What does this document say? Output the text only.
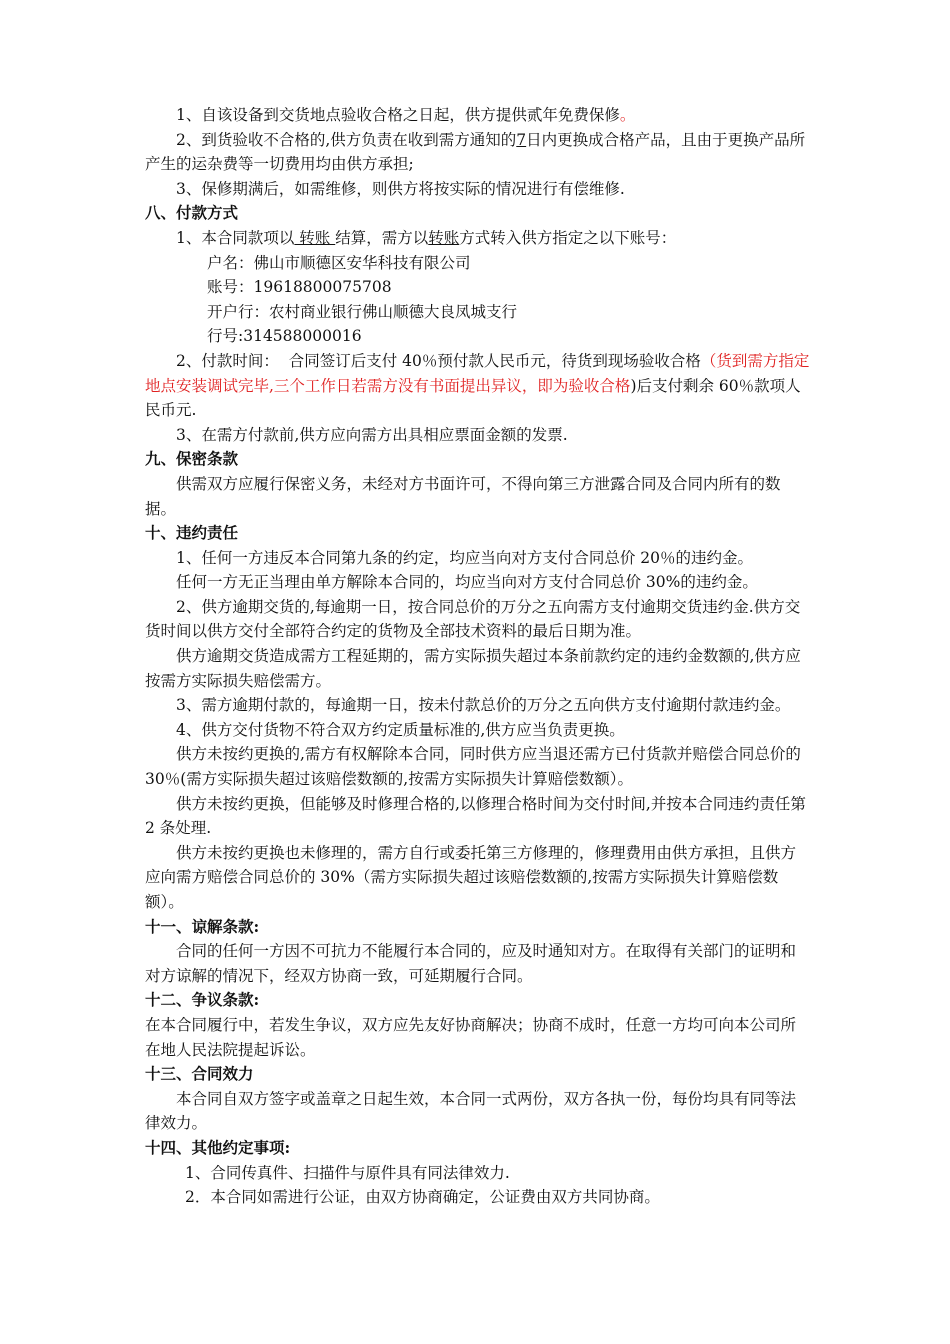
1、自该设备到交货地点验收合格之日起，供方提供贰年免费保修。

2、到货验收不合格的,供方负责在收到需方通知的7日内更换成合格产品，且由于更换产品所产生的运杂费等一切费用均由供方承担;

3、保修期满后，如需维修，则供方将按实际的情况进行有偿维修.

八、付款方式

1、本合同款项以 转账 结算，需方以转账方式转入供方指定之以下账号：

户名：佛山市顺德区安华科技有限公司

账号：19618800075708

开户行：农村商业银行佛山顺德大良凤城支行

行号:314588000016

2、付款时间：  合同签订后支付 40％预付款人民币元，待货到现场验收合格（货到需方指定地点安装调试完毕,三个工作日若需方没有书面提出异议，即为验收合格)后支付剩余 60％款项人民币元.

3、在需方付款前,供方应向需方出具相应票面金额的发票.

九、保密条款

供需双方应履行保密义务，未经对方书面许可，不得向第三方泄露合同及合同内所有的数据。

十、违约责任

1、任何一方违反本合同第九条的约定，均应当向对方支付合同总价 20％的违约金。

任何一方无正当理由单方解除本合同的，均应当向对方支付合同总价 30%的违约金。

2、供方逾期交货的,每逾期一日，按合同总价的万分之五向需方支付逾期交货违约金.供方交货时间以供方交付全部符合约定的货物及全部技术资料的最后日期为准。

供方逾期交货造成需方工程延期的，需方实际损失超过本条前款约定的违约金数额的,供方应按需方实际损失赔偿需方。

3、需方逾期付款的，每逾期一日，按未付款总价的万分之五向供方支付逾期付款违约金。

4、供方交付货物不符合双方约定质量标准的,供方应当负责更换。

供方未按约更换的,需方有权解除本合同，同时供方应当退还需方已付货款并赔偿合同总价的 30％(需方实际损失超过该赔偿数额的,按需方实际损失计算赔偿数额）。

供方未按约更换，但能够及时修理合格的,以修理合格时间为交付时间,并按本合同违约责任第 2 条处理.

供方未按约更换也未修理的，需方自行或委托第三方修理的，修理费用由供方承担，且供方应向需方赔偿合同总价的 30%（需方实际损失超过该赔偿数额的,按需方实际损失计算赔偿数额）。

十一、谅解条款:

合同的任何一方因不可抗力不能履行本合同的，应及时通知对方。在取得有关部门的证明和对方谅解的情况下，经双方协商一致，可延期履行合同。

十二、争议条款:

在本合同履行中，若发生争议，双方应先友好协商解决；协商不成时，任意一方均可向本公司所在地人民法院提起诉讼。

十三、合同效力

本合同自双方签字或盖章之日起生效，本合同一式两份，双方各执一份，每份均具有同等法律效力。

十四、其他约定事项:

1、合同传真件、扫描件与原件具有同法律效力.

2．本合同如需进行公证，由双方协商确定，公证费由双方共同协商。
